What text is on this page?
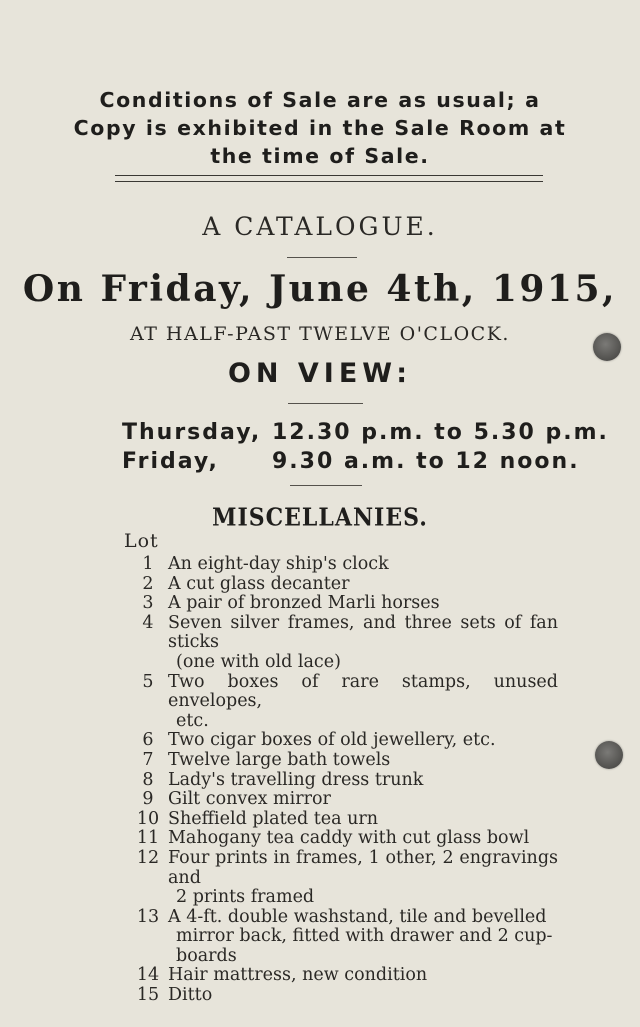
Conditions of Sale are as usual; a
Copy is exhibited in the Sale Room at
the time of Sale.
A CATALOGUE.
On Friday, June 4th, 1915,
AT HALF-PAST TWELVE O'CLOCK.
ON VIEW:
Thursday, 12.30 p.m. to 5.30 p.m.
Friday, 9.30 a.m. to 12 noon.
MISCELLANIES.
Lot
1 An eight-day ship's clock
2 A cut glass decanter
3 A pair of bronzed Marli horses
4 Seven silver frames, and three sets of fan sticks
(one with old lace)
5 Two boxes of rare stamps, unused envelopes,
etc.
6 Two cigar boxes of old jewellery, etc.
7 Twelve large bath towels
8 Lady's travelling dress trunk
9 Gilt convex mirror
10 Sheffield plated tea urn
11 Mahogany tea caddy with cut glass bowl
12 Four prints in frames, 1 other, 2 engravings and
2 prints framed
13 A 4-ft. double washstand, tile and bevelled
mirror back, fitted with drawer and 2 cup-
boards
14 Hair mattress, new condition
15 Ditto
